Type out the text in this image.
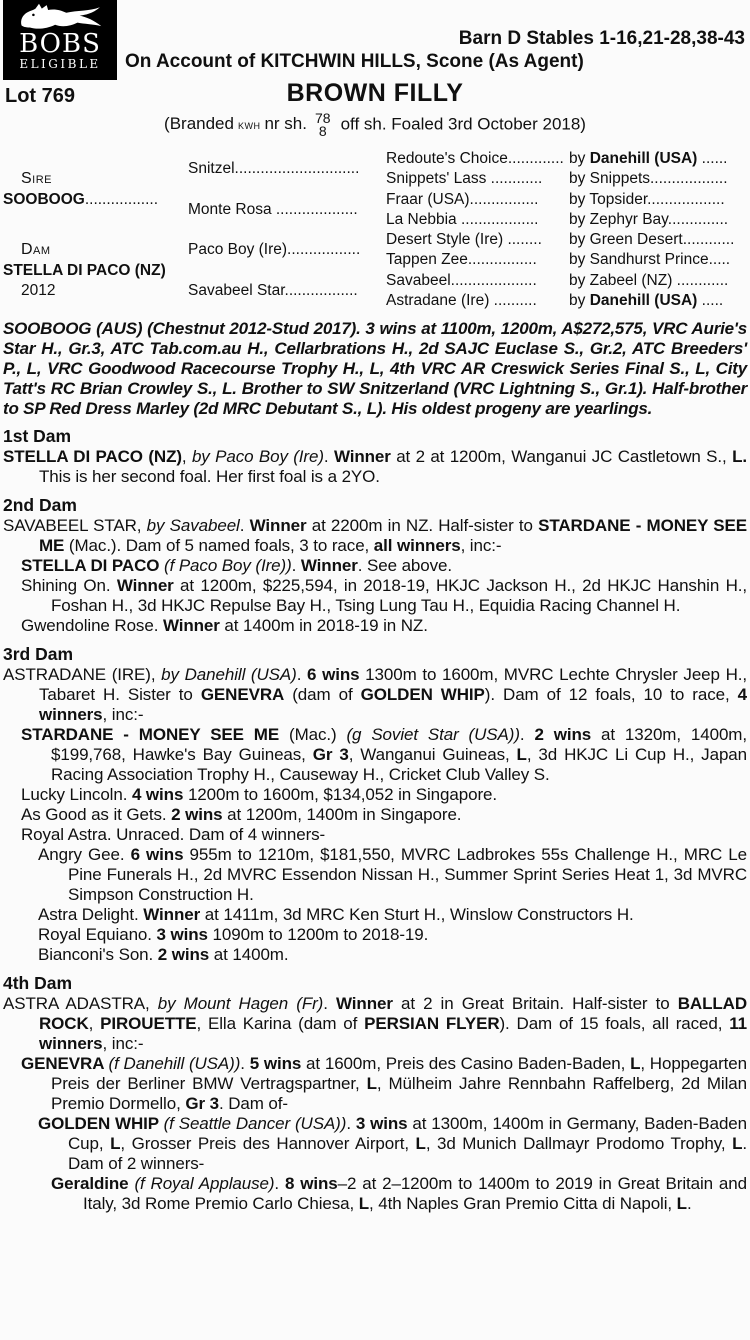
BOBS
ELIGIBLE
Barn D Stables 1-16,21-28,38-43
On Account of KITCHWIN HILLS, Scone (As Agent)
Lot 769	BROWN FILLY
(Branded KWH nr sh. 78
8 off sh. Foaled 3rd October 2018)
Sire
SOOBOOG.................
Dam
STELLA DI PACO (NZ)
2012
Snitzel.............................
Monte Rosa ...................
Paco Boy (Ire).................
Savabeel Star.................
Redoute's Choice............. by Danehill (USA) ......
Snippets' Lass ............	by Snippets..................
Fraar (USA)................	by Topsider..................
La Nebbia ..................	by Zephyr Bay..............
Desert Style (Ire) ........	by Green Desert............
Tappen Zee................	by Sandhurst Prince.....
Savabeel....................	by Zabeel (NZ) ............
Astradane (Ire) ..........	by Danehill (USA) .....
SOOBOOG (AUS) (Chestnut 2012-Stud 2017). 3 wins at 1100m, 1200m, A$272,575, VRC Aurie's Star H., Gr.3, ATC Tab.com.au H., Cellarbrations H., 2d SAJC Euclase S., Gr.2, ATC Breeders' P., L, VRC Goodwood Racecourse Trophy H., L, 4th VRC AR Creswick Series Final S., L, City Tatt's RC Brian Crowley S., L. Brother to SW Snitzerland (VRC Lightning S., Gr.1). Half-brother to SP Red Dress Marley (2d MRC Debutant S., L). His oldest progeny are yearlings.
1st Dam
STELLA DI PACO (NZ), by Paco Boy (Ire). Winner at 2 at 1200m, Wanganui JC Castletown S., L. This is her second foal. Her first foal is a 2YO.
2nd Dam
SAVABEEL STAR, by Savabeel. Winner at 2200m in NZ. Half-sister to STARDANE - MONEY SEE ME (Mac.). Dam of 5 named foals, 3 to race, all winners, inc:-
STELLA DI PACO (f Paco Boy (Ire)). Winner. See above.
Shining On. Winner at 1200m, $225,594, in 2018-19, HKJC Jackson H., 2d HKJC Hanshin H., Foshan H., 3d HKJC Repulse Bay H., Tsing Lung Tau H., Equidia Racing Channel H.
Gwendoline Rose. Winner at 1400m in 2018-19 in NZ.
3rd Dam
ASTRADANE (IRE), by Danehill (USA). 6 wins 1300m to 1600m, MVRC Lechte Chrysler Jeep H., Tabaret H. Sister to GENEVRA (dam of GOLDEN WHIP). Dam of 12 foals, 10 to race, 4 winners, inc:-
STARDANE - MONEY SEE ME (Mac.) (g Soviet Star (USA)). 2 wins at 1320m, 1400m, $199,768, Hawke's Bay Guineas, Gr 3, Wanganui Guineas, L, 3d HKJC Li Cup H., Japan Racing Association Trophy H., Causeway H., Cricket Club Valley S.
Lucky Lincoln. 4 wins 1200m to 1600m, $134,052 in Singapore.
As Good as it Gets. 2 wins at 1200m, 1400m in Singapore.
Royal Astra. Unraced. Dam of 4 winners-
Angry Gee. 6 wins 955m to 1210m, $181,550, MVRC Ladbrokes 55s Challenge H., MRC Le Pine Funerals H., 2d MVRC Essendon Nissan H., Summer Sprint Series Heat 1, 3d MVRC Simpson Construction H.
Astra Delight. Winner at 1411m, 3d MRC Ken Sturt H., Winslow Constructors H.
Royal Equiano. 3 wins 1090m to 1200m to 2018-19.
Bianconi's Son. 2 wins at 1400m.
4th Dam
ASTRA ADASTRA, by Mount Hagen (Fr). Winner at 2 in Great Britain. Half-sister to BALLAD ROCK, PIROUETTE, Ella Karina (dam of PERSIAN FLYER). Dam of 15 foals, all raced, 11 winners, inc:-
GENEVRA (f Danehill (USA)). 5 wins at 1600m, Preis des Casino Baden-Baden, L, Hoppegarten Preis der Berliner BMW Vertragspartner, L, Mülheim Jahre Rennbahn Raffelberg, 2d Milan Premio Dormello, Gr 3. Dam of-
GOLDEN WHIP (f Seattle Dancer (USA)). 3 wins at 1300m, 1400m in Germany, Baden-Baden Cup, L, Grosser Preis des Hannover Airport, L, 3d Munich Dallmayr Prodomo Trophy, L. Dam of 2 winners-
Geraldine (f Royal Applause). 8 wins–2 at 2–1200m to 1400m to 2019 in Great Britain and Italy, 3d Rome Premio Carlo Chiesa, L, 4th Naples Gran Premio Citta di Napoli, L.
